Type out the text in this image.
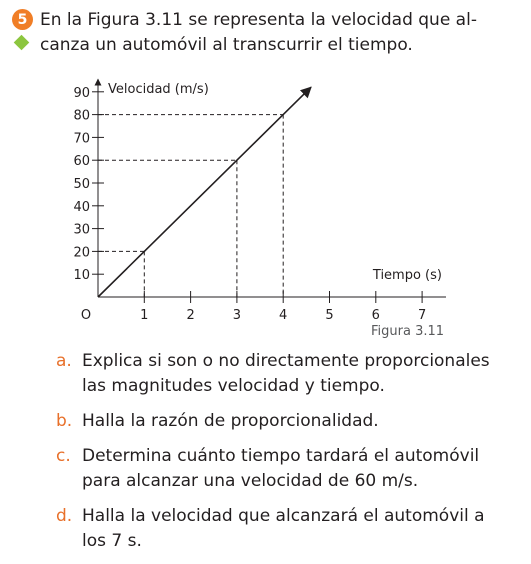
5 En la Figura 3.11 se representa la velocidad que al-
canza un automóvil al transcurrir el tiempo.

1	2	3	4	5	6	7
10
20
30
40
50
60
70
80
90
O
Velocidad (m/s)
Tiempo (s)
Figura 3.11
a. Explica si son o no directamente proporcionales
las magnitudes velocidad y tiempo.
b. Halla la razón de proporcionalidad.
c. Determina cuánto tiempo tardará el automóvil
para alcanzar una velocidad de 60 m/s.
d. Halla la velocidad que alcanzará el automóvil a
los 7 s.
